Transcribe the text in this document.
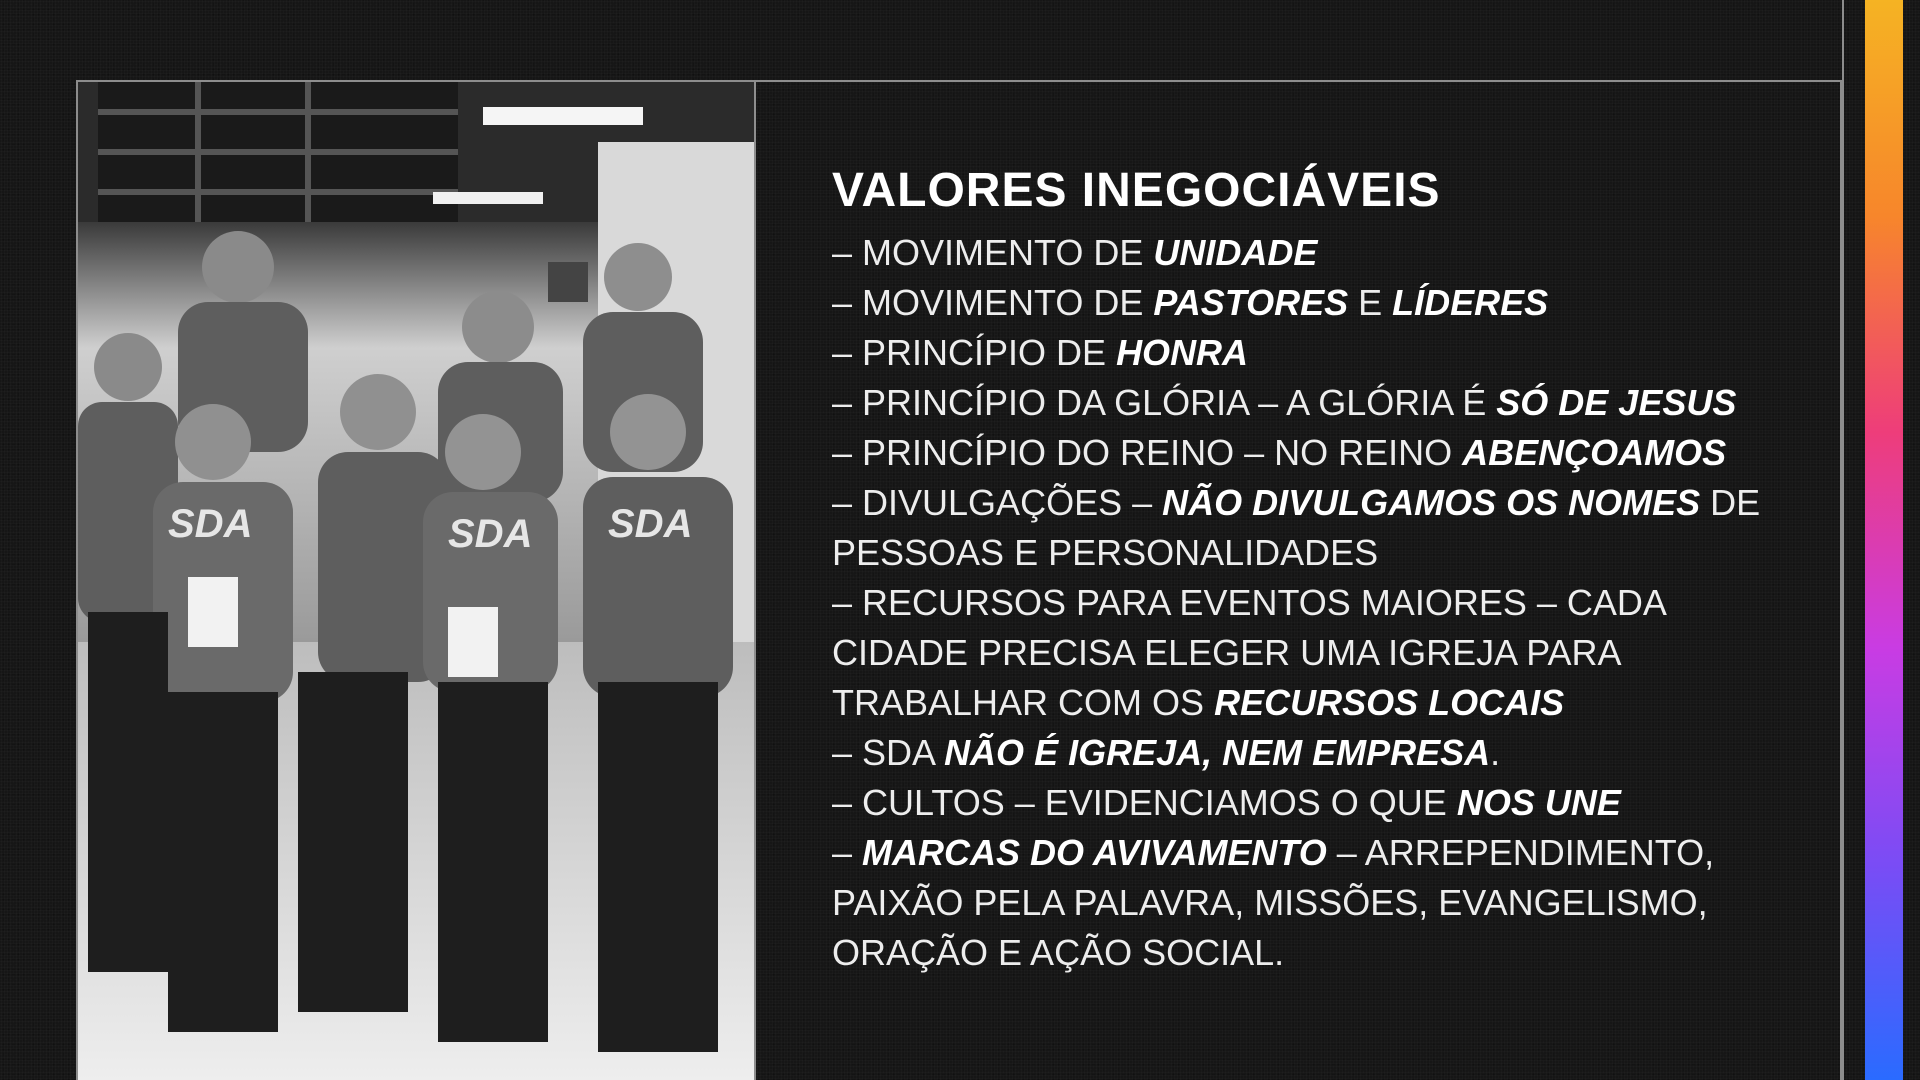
SDA	SDA SDA
VALORES INEGOCIÁVEIS
– MOVIMENTO DE UNIDADE
– MOVIMENTO DE PASTORES E LÍDERES
– PRINCÍPIO DE HONRA
– PRINCÍPIO DA GLÓRIA – A GLÓRIA É SÓ DE JESUS
– PRINCÍPIO DO REINO – NO REINO ABENÇOAMOS
– DIVULGAÇÕES – NÃO DIVULGAMOS OS NOMES DE
PESSOAS E PERSONALIDADES
– RECURSOS PARA EVENTOS MAIORES – CADA
CIDADE PRECISA ELEGER UMA IGREJA PARA
TRABALHAR COM OS RECURSOS LOCAIS
– SDA NÃO É IGREJA, NEM EMPRESA.
– CULTOS – EVIDENCIAMOS O QUE NOS UNE
– MARCAS DO AVIVAMENTO – ARREPENDIMENTO,
PAIXÃO PELA PALAVRA, MISSÕES, EVANGELISMO,
ORAÇÃO E AÇÃO SOCIAL.
